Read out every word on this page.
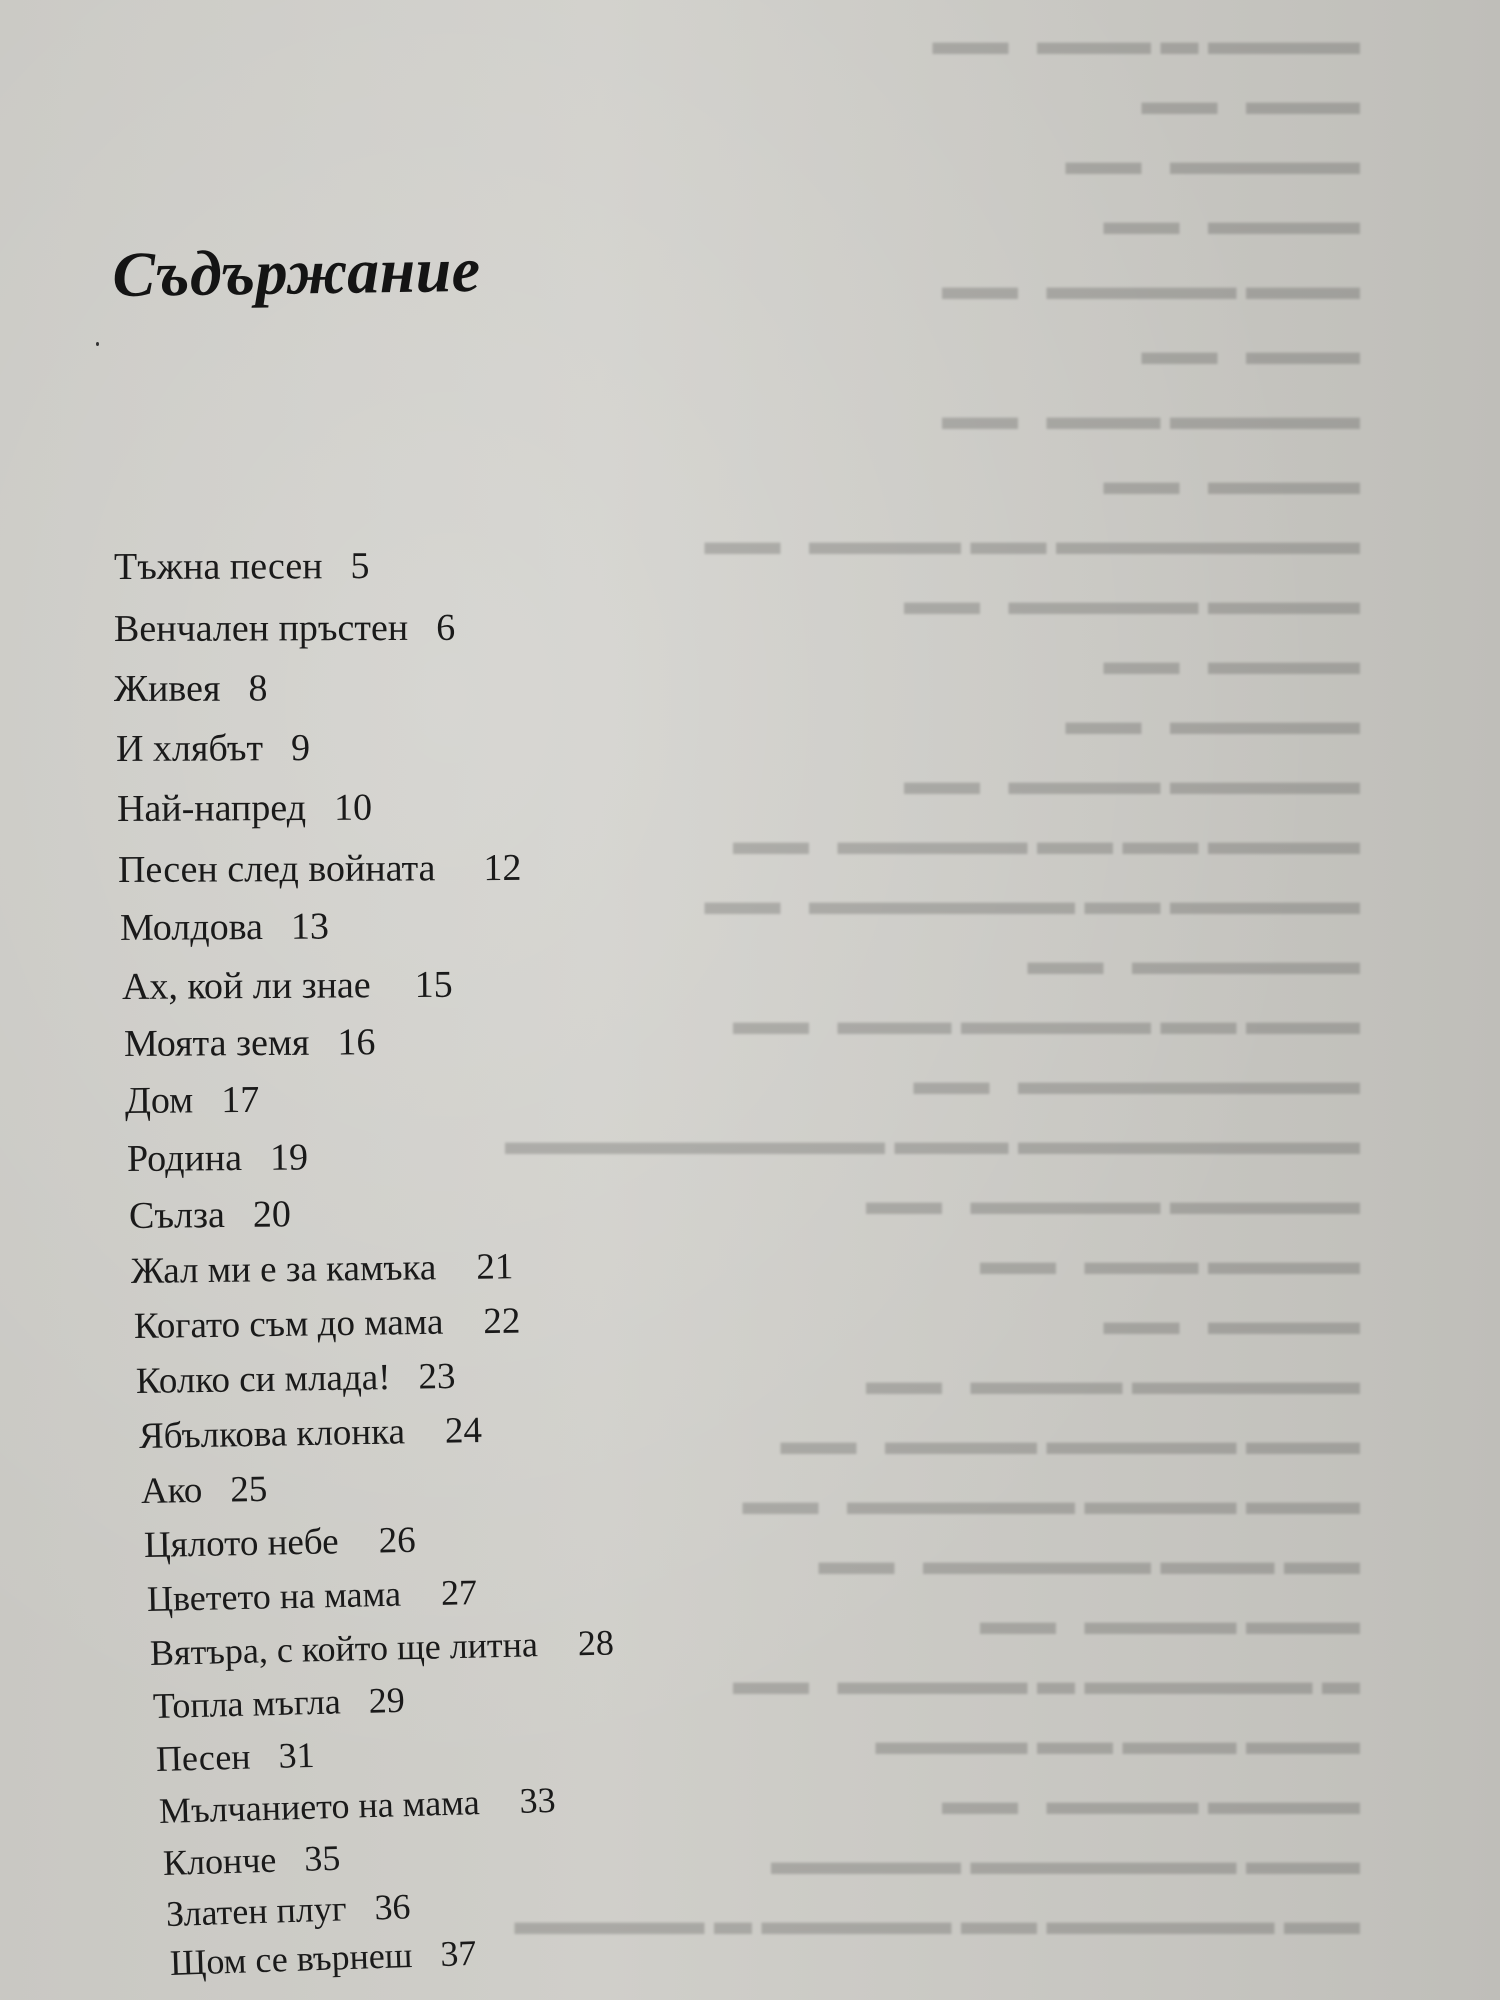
▬▬▬▬ ▬ ▬▬▬   ▬▬
▬▬▬   ▬▬
▬▬▬▬▬   ▬▬
▬▬▬▬   ▬▬
▬▬▬ ▬▬▬▬▬   ▬▬
▬▬▬   ▬▬
▬▬▬▬▬ ▬▬▬   ▬▬
▬▬▬▬   ▬▬
▬▬▬▬▬▬▬▬ ▬▬ ▬▬▬▬   ▬▬
▬▬▬▬ ▬▬▬▬▬   ▬▬
▬▬▬▬   ▬▬
▬▬▬▬▬   ▬▬
▬▬▬▬▬ ▬▬▬▬   ▬▬
▬▬▬▬ ▬▬ ▬▬ ▬▬▬▬▬   ▬▬
▬▬▬▬▬ ▬▬ ▬▬▬▬▬▬▬   ▬▬
▬▬▬▬▬▬   ▬▬
▬▬▬ ▬▬ ▬▬▬▬▬ ▬▬▬   ▬▬
▬▬▬▬▬▬▬▬▬   ▬▬
▬▬▬▬▬▬▬▬▬ ▬▬▬ ▬▬▬▬▬▬▬▬▬▬
▬▬▬▬▬ ▬▬▬▬▬   ▬▬
▬▬▬▬ ▬▬▬   ▬▬
▬▬▬▬   ▬▬
▬▬▬▬▬▬ ▬▬▬▬   ▬▬
▬▬▬ ▬▬▬▬▬ ▬▬▬▬   ▬▬
▬▬▬ ▬▬▬▬ ▬▬▬▬▬▬   ▬▬
▬▬ ▬▬▬ ▬▬▬▬▬▬   ▬▬
▬▬▬ ▬▬▬▬   ▬▬
▬ ▬▬▬▬▬▬ ▬ ▬▬▬▬▬   ▬▬
▬▬▬ ▬▬▬ ▬▬ ▬▬▬▬
▬▬▬▬ ▬▬▬▬   ▬▬
▬▬▬ ▬▬▬▬▬▬▬ ▬▬▬▬▬
▬▬ ▬▬▬▬▬▬ ▬▬ ▬▬▬▬▬ ▬ ▬▬▬▬▬
Съдържание
Тъжна песен 5
Венчален пръстен 6
Живея 8
И хлябът 9
Най-напред 10
Песен след войната 12
Молдова 13
Ах, кой ли знае 15
Моята земя 16
Дом 17
Родина 19
Сълза 20
Жал ми е за камъка 21
Когато съм до мама 22
Колко си млада! 23
Ябълкова клонка 24
Ако 25
Цялото небе 26
Цветето на мама 27
Вятъра, с който ще литна 28
Топла мъгла 29
Песен 31
Мълчанието на мама 33
Клонче 35
Златен плуг 36
Щом се върнеш 37
